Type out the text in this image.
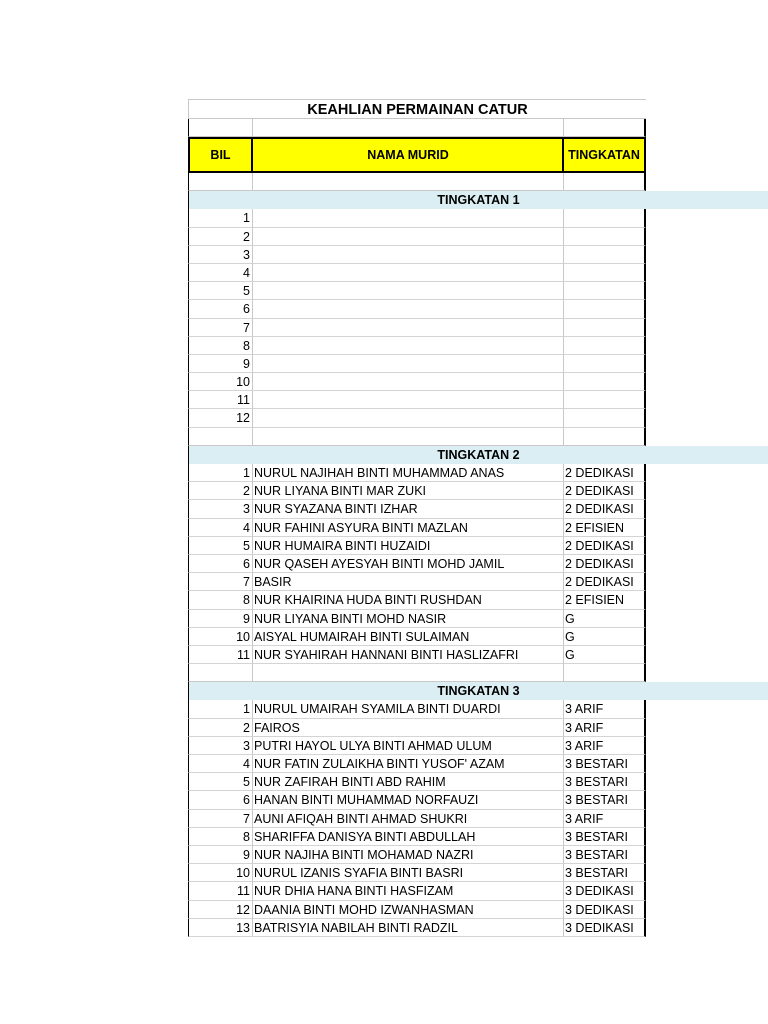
KEAHLIAN PERMAINAN CATUR
BIL	NAMA MURID	TINGKATAN
TINGKATAN 1
1
2
3
4
5
6
7
8
9
10
11
12
TINGKATAN 2
1 NURUL NAJIHAH BINTI MUHAMMAD ANAS	2 DEDIKASI
2 NUR LIYANA BINTI MAR ZUKI	2 DEDIKASI
3 NUR SYAZANA BINTI IZHAR	2 DEDIKASI
4 NUR FAHINI ASYURA BINTI MAZLAN	2 EFISIEN
5 NUR HUMAIRA BINTI HUZAIDI	2 DEDIKASI
6 NUR QASEH AYESYAH BINTI MOHD JAMIL	2 DEDIKASI
7 BASIR	2 DEDIKASI
8 NUR KHAIRINA HUDA BINTI RUSHDAN	2 EFISIEN
9 NUR LIYANA BINTI MOHD NASIR	G
10 AISYAL HUMAIRAH BINTI SULAIMAN	G
11 NUR SYAHIRAH HANNANI BINTI HASLIZAFRI	G
TINGKATAN 3
1 NURUL UMAIRAH SYAMILA BINTI DUARDI	3 ARIF
2 FAIROS	3 ARIF
3 PUTRI HAYOL ULYA BINTI AHMAD ULUM	3 ARIF
4 NUR FATIN ZULAIKHA BINTI YUSOF' AZAM	3 BESTARI
5 NUR ZAFIRAH BINTI ABD RAHIM	3 BESTARI
6 HANAN BINTI MUHAMMAD NORFAUZI	3 BESTARI
7 AUNI AFIQAH BINTI AHMAD SHUKRI	3 ARIF
8 SHARIFFA DANISYA BINTI ABDULLAH	3 BESTARI
9 NUR NAJIHA BINTI MOHAMAD NAZRI	3 BESTARI
10 NURUL IZANIS SYAFIA BINTI BASRI	3 BESTARI
11 NUR DHIA HANA BINTI HASFIZAM	3 DEDIKASI
12 DAANIA BINTI MOHD IZWANHASMAN	3 DEDIKASI
13 BATRISYIA NABILAH BINTI RADZIL	3 DEDIKASI
